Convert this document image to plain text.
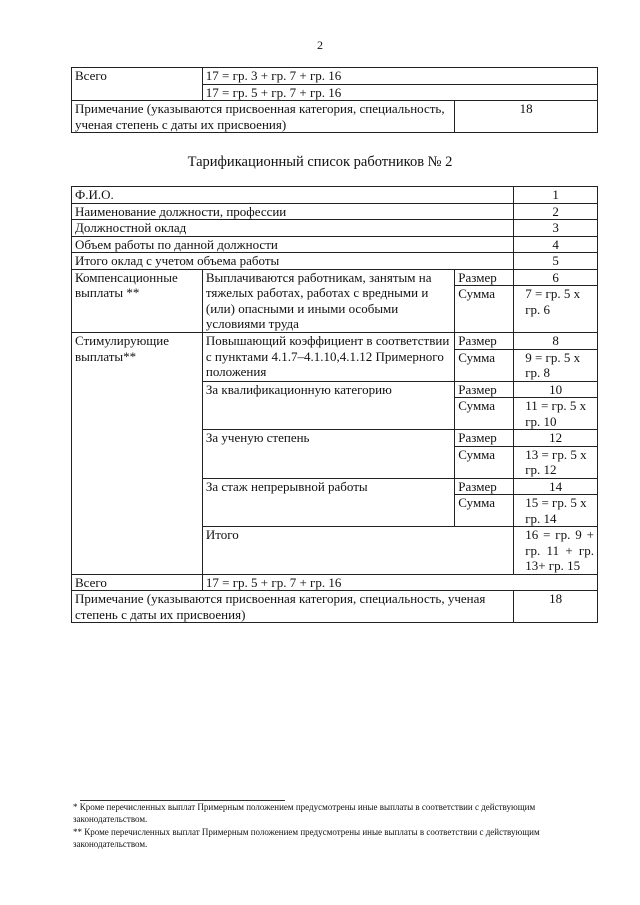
2
Всего	17 = гр. 3 + гр. 7 + гр. 16	
	17 = гр. 5 + гр. 7 + гр. 16	
Примечание (указываются присвоенная категория, специальность, ученая степень с даты их присвоения)		18
Тарификационный список работников № 2
Ф.И.О.			1
Наименование должности, профессии			2
Должностной оклад			3
Объем работы по данной должности			4
Итого оклад с учетом объема работы			5
Компенсационные выплаты **	Выплачиваются работникам, занятым на тяжелых работах, работах с вредными и (или) опасными и иными особыми условиями труда	Размер	6
		Сумма	7 = гр. 5 х гр. 6
Стимулирующие выплаты**	Повышающий коэффициент в соответствии с пунктами 4.1.7–4.1.10,4.1.12 Примерного положения	Размер	8
		Сумма	9 = гр. 5 х гр. 8
	За квалификационную категорию	Размер	10
		Сумма	11 = гр. 5 х гр. 10
	За ученую степень	Размер	12
		Сумма	13 = гр. 5 х гр. 12
	За стаж непрерывной работы	Размер	14
		Сумма	15 = гр. 5 х гр. 14
	Итого		16 = гр. 9 + гр. 11 + гр. 13+ гр. 15
Всего	17 = гр. 5 + гр. 7 + гр. 16		
Примечание (указываются присвоенная категория, специальность, ученая степень с даты их присвоения)			18
* Кроме перечисленных выплат Примерным положением предусмотрены иные выплаты в соответствии с действующим законодательством.
** Кроме перечисленных выплат Примерным положением предусмотрены иные выплаты в соответствии с действующим законодательством.
